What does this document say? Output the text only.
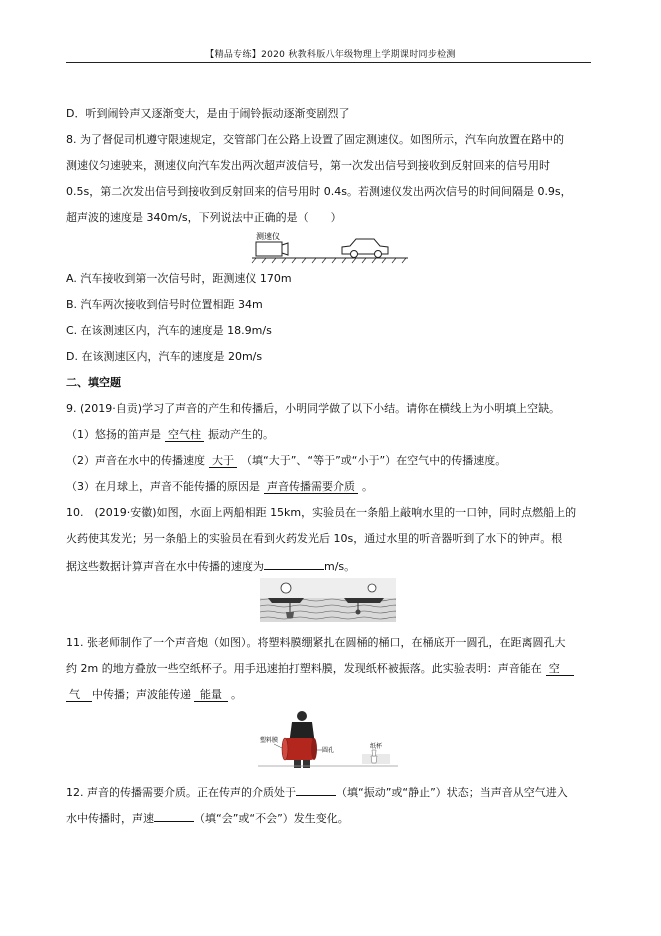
【精品专练】2020 秋教科版八年级物理上学期课时同步检测
D．听到闹铃声又逐渐变大，是由于闹铃振动逐渐变剧烈了
8. 为了督促司机遵守限速规定，交管部门在公路上设置了固定测速仪。如图所示，汽车向放置在路中的
测速仪匀速驶来，测速仪向汽车发出两次超声波信号，第一次发出信号到接收到反射回来的信号用时
0.5s，第二次发出信号到接收到反射回来的信号用时 0.4s。若测速仪发出两次信号的时间间隔是 0.9s，
超声波的速度是 340m/s，下列说法中正确的是（　　）
测速仪
A. 汽车接收到第一次信号时，距测速仪 170m
B. 汽车两次接收到信号时位置相距 34m
C. 在该测速区内，汽车的速度是 18.9m/s
D. 在该测速区内，汽车的速度是 20m/s
二、填空题
9. (2019·自贡)学习了声音的产生和传播后，小明同学做了以下小结。请你在横线上为小明填上空缺。
（1）悠扬的笛声是 空气柱 振动产生的。
（2）声音在水中的传播速度 大于 （填“大于”、“等于”或“小于”）在空气中的传播速度。
（3）在月球上，声音不能传播的原因是 声音传播需要介质 。
10.　(2019·安徽)如图，水面上两船相距 15km，实验员在一条船上敲响水里的一口钟，同时点燃船上的
火药使其发光；另一条船上的实验员在看到火药发光后 10s，通过水里的听音器听到了水下的钟声。根
据这些数据计算声音在水中传播的速度为	m/s。
11. 张老师制作了一个声音炮（如图）。将塑料膜绷紧扎在圆桶的桶口，在桶底开一圆孔，在距离圆孔大
约 2m 的地方叠放一些空纸杯子。用手迅速拍打塑料膜，发现纸杯被振落。此实验表明：声音能在 空
气 中传播；声波能传递 能量 。
塑料膜
圆孔
纸杯
12. 声音的传播需要介质。正在传声的介质处于	（填“振动”或“静止”）状态；当声音从空气进入
水中传播时，声速	（填“会”或“不会”）发生变化。
